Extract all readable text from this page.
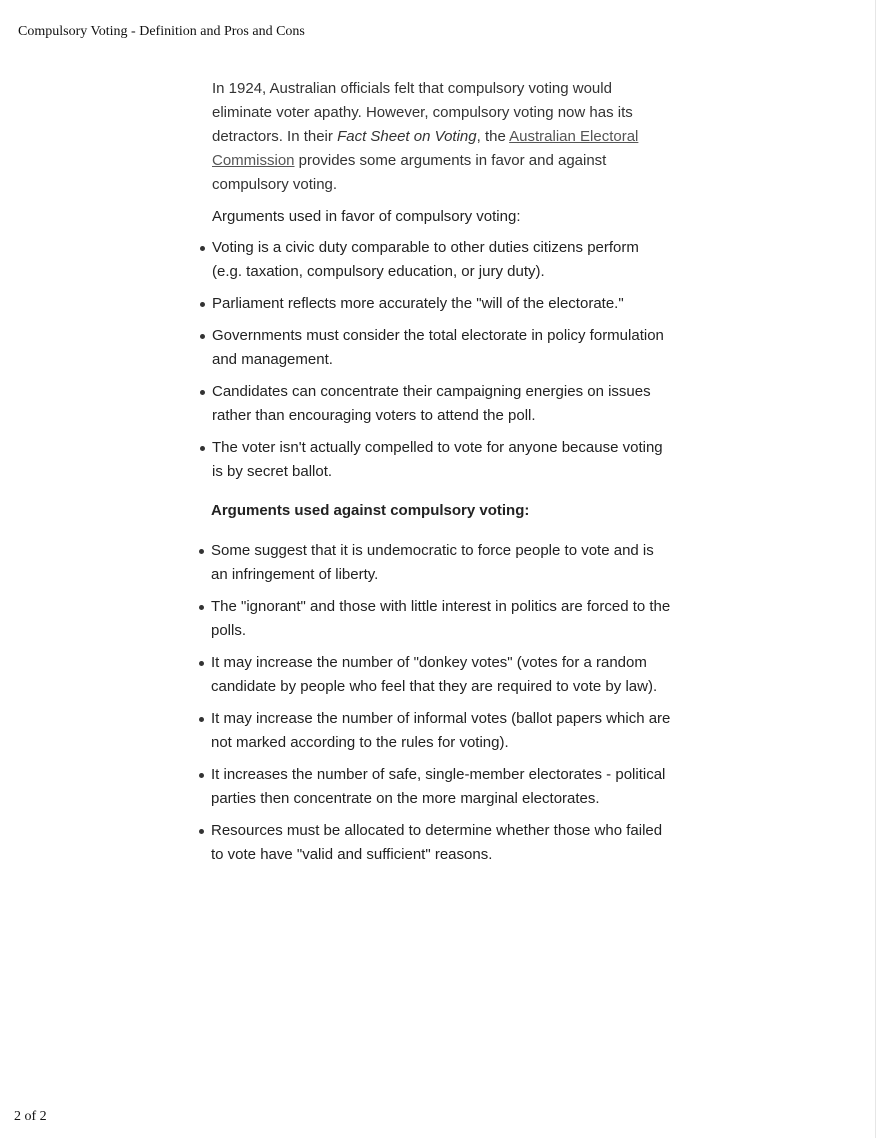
Compulsory Voting - Definition and Pros and Cons

In 1924, Australian officials felt that compulsory voting would eliminate voter apathy. However, compulsory voting now has its detractors. In their Fact Sheet on Voting, the Australian Electoral Commission provides some arguments in favor and against compulsory voting.

Arguments used in favor of compulsory voting:

Voting is a civic duty comparable to other duties citizens perform (e.g. taxation, compulsory education, or jury duty).
Parliament reflects more accurately the "will of the electorate."
Governments must consider the total electorate in policy formulation and management.
Candidates can concentrate their campaigning energies on issues rather than encouraging voters to attend the poll.
The voter isn't actually compelled to vote for anyone because voting is by secret ballot.

Arguments used against compulsory voting:

Some suggest that it is undemocratic to force people to vote and is an infringement of liberty.
The "ignorant" and those with little interest in politics are forced to the polls.
It may increase the number of "donkey votes" (votes for a random candidate by people who feel that they are required to vote by law).
It may increase the number of informal votes (ballot papers which are not marked according to the rules for voting).
It increases the number of safe, single-member electorates - political parties then concentrate on the more marginal electorates.
Resources must be allocated to determine whether those who failed to vote have "valid and sufficient" reasons.
2 of 2
